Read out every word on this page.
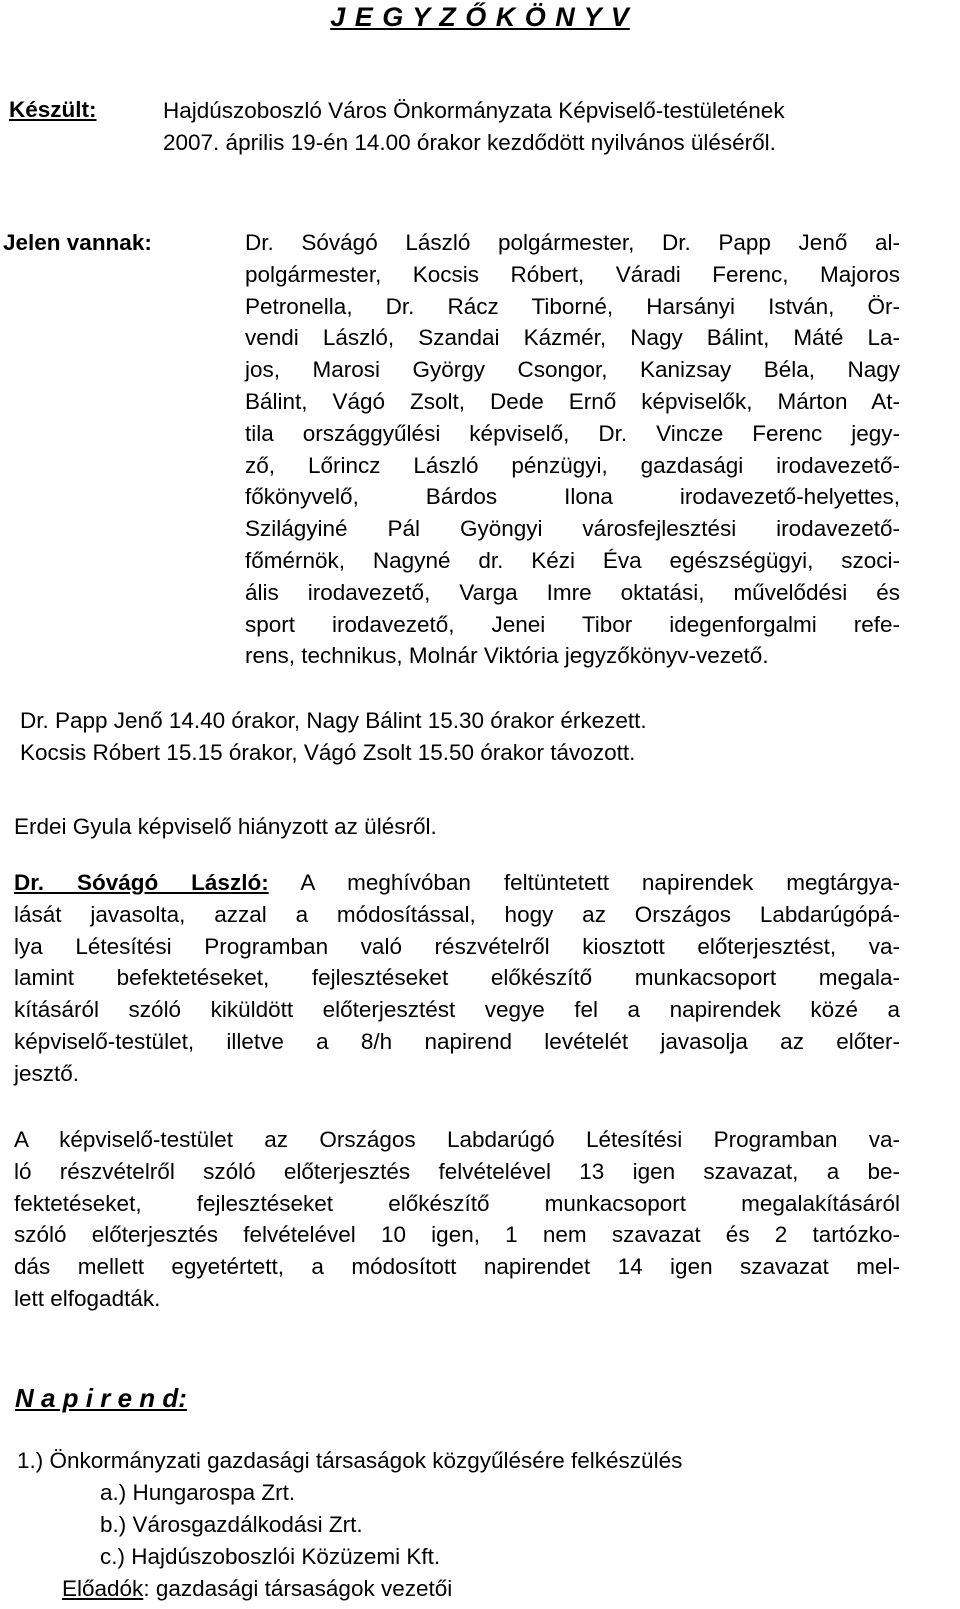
J E G Y Z Ő K Ö N Y V
Készült:	Hajdúszoboszló Város Önkormányzata Képviselő-testületének
2007. április 19-én 14.00 órakor kezdődött nyilvános üléséről.
Jelen vannak:	Dr. Sóvágó László polgármester, Dr. Papp Jenő al-
polgármester, Kocsis Róbert, Váradi Ferenc, Majoros
Petronella, Dr. Rácz Tiborné, Harsányi István, Ör-
vendi László, Szandai Kázmér, Nagy Bálint, Máté La-
jos, Marosi György Csongor, Kanizsay Béla, Nagy
Bálint, Vágó Zsolt, Dede Ernő képviselők, Márton At-
tila országgyűlési képviselő, Dr. Vincze Ferenc jegy-
ző, Lőrincz László pénzügyi, gazdasági irodavezető-
főkönyvelő, Bárdos Ilona irodavezető-helyettes,
Szilágyiné Pál Gyöngyi városfejlesztési irodavezető-
főmérnök, Nagyné dr. Kézi Éva egészségügyi, szoci-
ális irodavezető, Varga Imre oktatási, művelődési és
sport irodavezető, Jenei Tibor idegenforgalmi refe-
rens, technikus, Molnár Viktória jegyzőkönyv-vezető.
Dr. Papp Jenő 14.40 órakor, Nagy Bálint 15.30 órakor érkezett.
Kocsis Róbert 15.15 órakor, Vágó Zsolt 15.50 órakor távozott.
Erdei Gyula képviselő hiányzott az ülésről.
Dr. Sóvágó László: A meghívóban feltüntetett napirendek megtárgya-
lását javasolta, azzal a módosítással, hogy az Országos Labdarúgópá-
lya Létesítési Programban való részvételről kiosztott előterjesztést, va-
lamint befektetéseket, fejlesztéseket előkészítő munkacsoport megala-
kításáról szóló kiküldött előterjesztést vegye fel a napirendek közé a
képviselő-testület, illetve a 8/h napirend levételét javasolja az előter-
jesztő.
A képviselő-testület az Országos Labdarúgó Létesítési Programban va-
ló részvételről szóló előterjesztés felvételével 13 igen szavazat, a be-
fektetéseket, fejlesztéseket előkészítő munkacsoport megalakításáról
szóló előterjesztés felvételével 10 igen, 1 nem szavazat és 2 tartózko-
dás mellett egyetértett, a módosított napirendet 14 igen szavazat mel-
lett elfogadták.
N a p i r e n d:
1.) Önkormányzati gazdasági társaságok közgyűlésére felkészülés
a.) Hungarospa Zrt.
b.) Városgazdálkodási Zrt.
c.) Hajdúszoboszlói Közüzemi Kft.
Előadók: gazdasági társaságok vezetői
